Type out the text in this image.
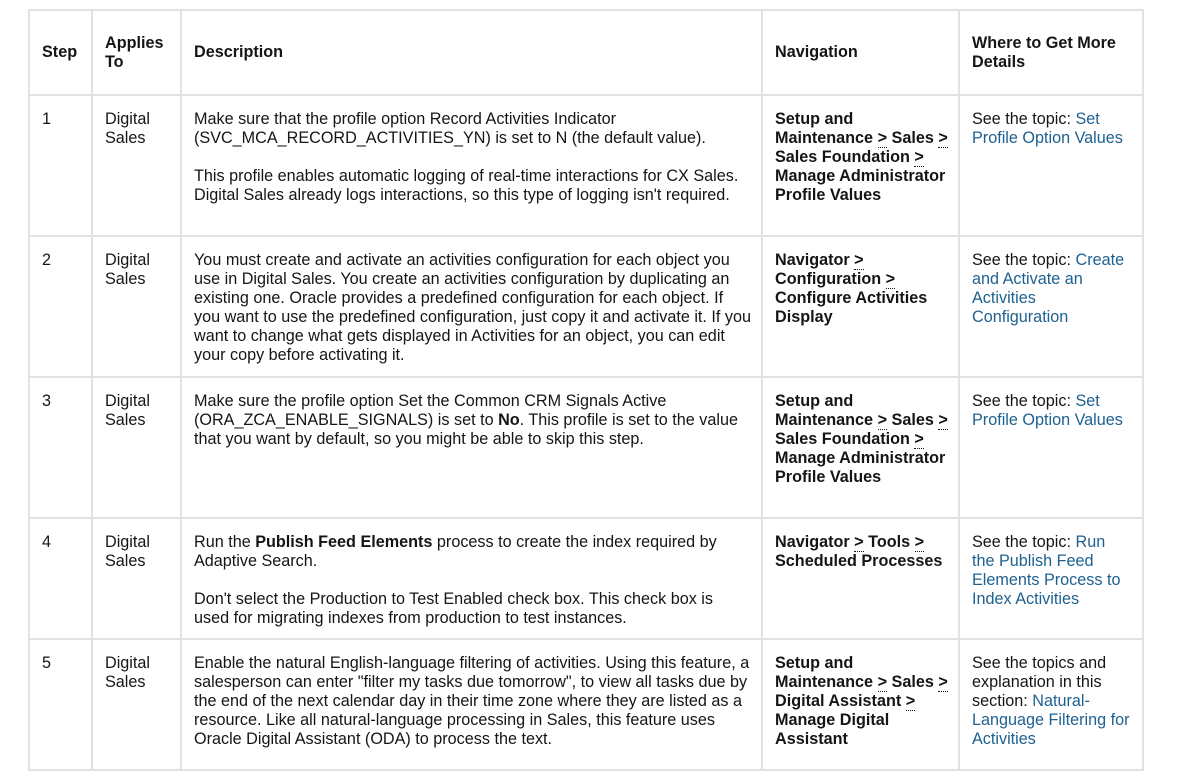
Step	Applies To	Description	Navigation	Where to Get More Details
1	Digital Sales	Make sure that the profile option Record Activities Indicator (SVC_MCA_RECORD_ACTIVITIES_YN) is set to N (the default value).

This profile enables automatic logging of real-time interactions for CX Sales. Digital Sales already logs interactions, so this type of logging isn't required.	Setup and Maintenance > Sales > Sales Foundation > Manage Administrator Profile Values	See the topic: Set Profile Option Values
2	Digital Sales	You must create and activate an activities configuration for each object you use in Digital Sales. You create an activities configuration by duplicating an existing one. Oracle provides a predefined configuration for each object. If you want to use the predefined configuration, just copy it and activate it. If you want to change what gets displayed in Activities for an object, you can edit your copy before activating it.	Navigator > Configuration > Configure Activities Display	See the topic: Create and Activate an Activities Configuration
3	Digital Sales	Make sure the profile option Set the Common CRM Signals Active (ORA_ZCA_ENABLE_SIGNALS) is set to No. This profile is set to the value that you want by default, so you might be able to skip this step.	Setup and Maintenance > Sales > Sales Foundation > Manage Administrator Profile Values	See the topic: Set Profile Option Values
4	Digital Sales	Run the Publish Feed Elements process to create the index required by Adaptive Search.

Don't select the Production to Test Enabled check box. This check box is used for migrating indexes from production to test instances.	Navigator > Tools > Scheduled Processes	See the topic: Run the Publish Feed Elements Process to Index Activities
5	Digital Sales	Enable the natural English-language filtering of activities. Using this feature, a salesperson can enter "filter my tasks due tomorrow", to view all tasks due by the end of the next calendar day in their time zone where they are listed as a resource. Like all natural-language processing in Sales, this feature uses Oracle Digital Assistant (ODA) to process the text.	Setup and Maintenance > Sales > Digital Assistant > Manage Digital Assistant	See the topics and explanation in this section: Natural-Language Filtering for Activities
